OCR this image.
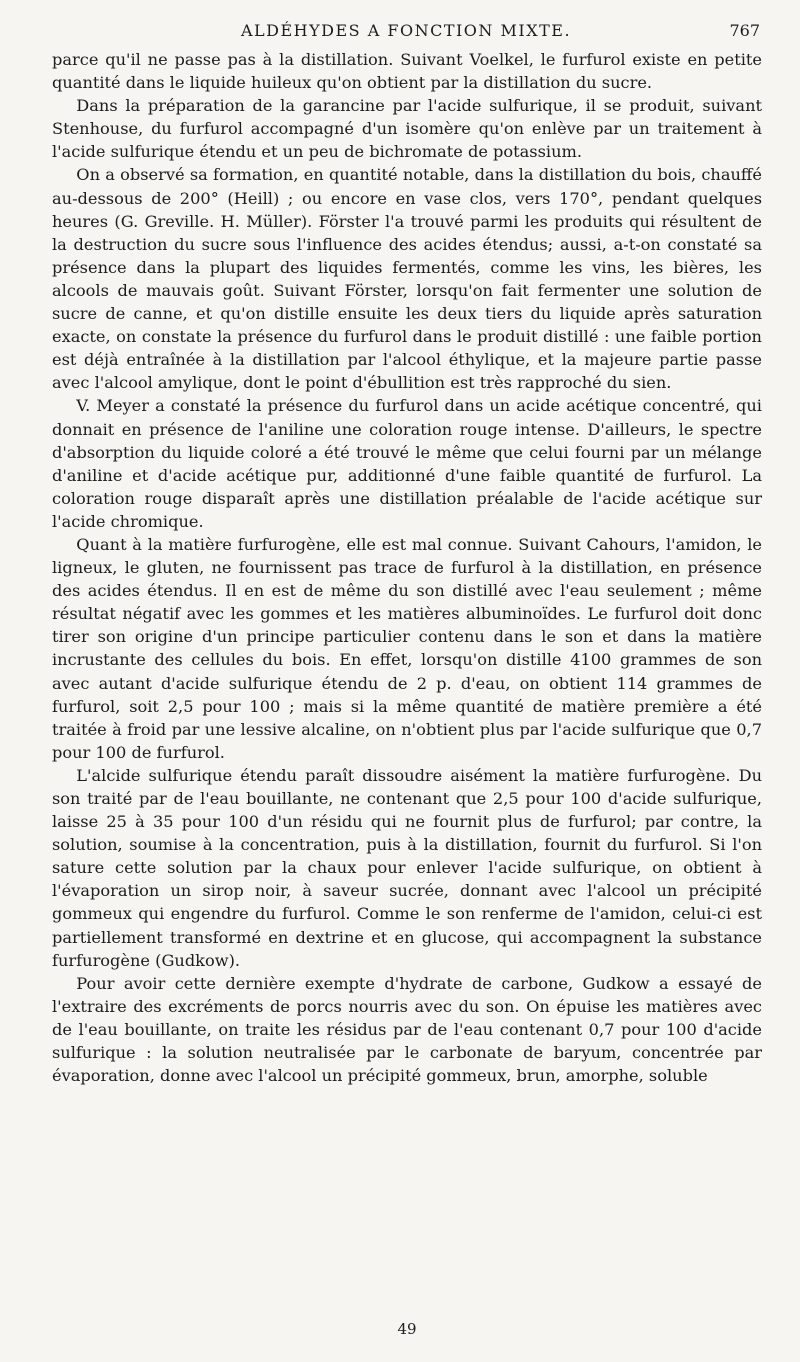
ALDÉHYDES A FONCTION MIXTE.	767

parce qu'il ne passe pas à la distillation. Suivant Voelkel, le furfurol existe en petite quantité dans le liquide huileux qu'on obtient par la distillation du sucre.

Dans la préparation de la garancine par l'acide sulfurique, il se produit, suivant Stenhouse, du furfurol accompagné d'un isomère qu'on enlève par un traitement à l'acide sulfurique étendu et un peu de bichromate de potassium.

On a observé sa formation, en quantité notable, dans la distillation du bois, chauffé au-dessous de 200° (Heill) ; ou encore en vase clos, vers 170°, pendant quelques heures (G. Greville. H. Müller). Förster l'a trouvé parmi les produits qui résultent de la destruction du sucre sous l'influence des acides étendus; aussi, a-t-on constaté sa présence dans la plupart des liquides fermentés, comme les vins, les bières, les alcools de mauvais goût. Suivant Förster, lorsqu'on fait fermenter une solution de sucre de canne, et qu'on distille ensuite les deux tiers du liquide après saturation exacte, on constate la présence du furfurol dans le produit distillé : une faible portion est déjà entraînée à la distillation par l'alcool éthylique, et la majeure partie passe avec l'alcool amylique, dont le point d'ébullition est très rapproché du sien.

V. Meyer a constaté la présence du furfurol dans un acide acétique concentré, qui donnait en présence de l'aniline une coloration rouge intense. D'ailleurs, le spectre d'absorption du liquide coloré a été trouvé le même que celui fourni par un mélange d'aniline et d'acide acétique pur, additionné d'une faible quantité de furfurol. La coloration rouge disparaît après une distillation préalable de l'acide acétique sur l'acide chromique.

Quant à la matière furfurogène, elle est mal connue. Suivant Cahours, l'amidon, le ligneux, le gluten, ne fournissent pas trace de furfurol à la distillation, en présence des acides étendus. Il en est de même du son distillé avec l'eau seulement ; même résultat négatif avec les gommes et les matières albuminoïdes. Le furfurol doit donc tirer son origine d'un principe particulier contenu dans le son et dans la matière incrustante des cellules du bois. En effet, lorsqu'on distille 4100 grammes de son avec autant d'acide sulfurique étendu de 2 p. d'eau, on obtient 114 grammes de furfurol, soit 2,5 pour 100 ; mais si la même quantité de matière première a été traitée à froid par une lessive alcaline, on n'obtient plus par l'acide sulfurique que 0,7 pour 100 de furfurol.

L'alcide sulfurique étendu paraît dissoudre aisément la matière furfurogène. Du son traité par de l'eau bouillante, ne contenant que 2,5 pour 100 d'acide sulfurique, laisse 25 à 35 pour 100 d'un résidu qui ne fournit plus de furfurol; par contre, la solution, soumise à la concentration, puis à la distillation, fournit du furfurol. Si l'on sature cette solution par la chaux pour enlever l'acide sulfurique, on obtient à l'évaporation un sirop noir, à saveur sucrée, donnant avec l'alcool un précipité gommeux qui engendre du furfurol. Comme le son renferme de l'amidon, celui-ci est partiellement transformé en dextrine et en glucose, qui accompagnent la substance furfurogène (Gudkow).

Pour avoir cette dernière exempte d'hydrate de carbone, Gudkow a essayé de l'extraire des excréments de porcs nourris avec du son. On épuise les matières avec de l'eau bouillante, on traite les résidus par de l'eau contenant 0,7 pour 100 d'acide sulfurique : la solution neutralisée par le carbonate de baryum, concentrée par évaporation, donne avec l'alcool un précipité gommeux, brun, amorphe, soluble

49
